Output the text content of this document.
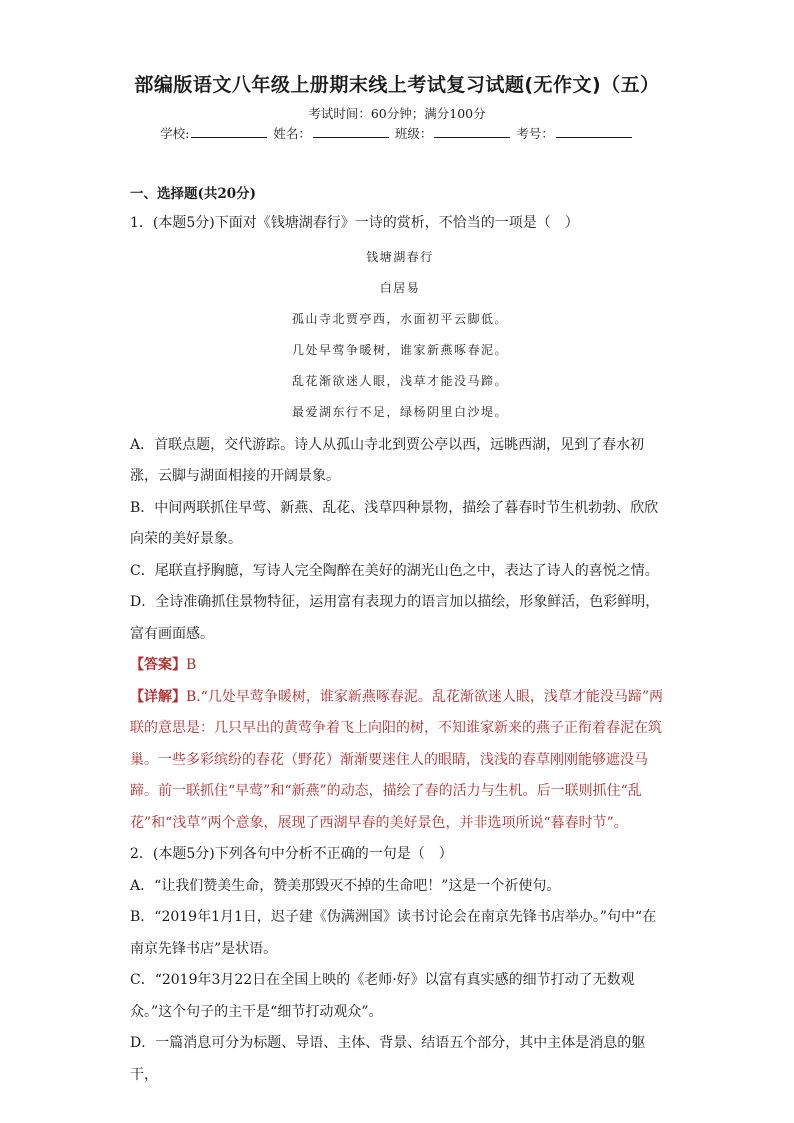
部编版语文八年级上册期末线上考试复习试题(无作文)（五）
考试时间：60分钟；满分100分
学校:	姓名：	班级：	考号：

一、选择题(共20分)

1．(本题5分)下面对《钱塘湖春行》一诗的赏析，不恰当的一项是（　）

钱塘湖春行

白居易

孤山寺北贾亭西，水面初平云脚低。

几处早莺争暖树，谁家新燕啄春泥。

乱花渐欲迷人眼，浅草才能没马蹄。

最爱湖东行不足，绿杨阴里白沙堤。

A．首联点题，交代游踪。诗人从孤山寺北到贾公亭以西，远眺西湖，见到了春水初涨，云脚与湖面相接的开阔景象。

B．中间两联抓住早莺、新燕、乱花、浅草四种景物，描绘了暮春时节生机勃勃、欣欣向荣的美好景象。

C．尾联直抒胸臆，写诗人完全陶醉在美好的湖光山色之中，表达了诗人的喜悦之情。

D．全诗准确抓住景物特征，运用富有表现力的语言加以描绘，形象鲜活，色彩鲜明，富有画面感。

【答案】B

【详解】B.“几处早莺争暖树，谁家新燕啄春泥。乱花渐欲迷人眼，浅草才能没马蹄”两联的意思是：几只早出的黄莺争着飞上向阳的树，不知谁家新来的燕子正衔着春泥在筑巢。一些多彩缤纷的春花（野花）渐渐要迷住人的眼睛，浅浅的春草刚刚能够遮没马蹄。前一联抓住“早莺”和“新燕”的动态，描绘了春的活力与生机。后一联则抓住“乱花”和“浅草”两个意象，展现了西湖早春的美好景色，并非选项所说“暮春时节”。

2．(本题5分)下列各句中分析不正确的一句是（　）

A．“让我们赞美生命，赞美那毁灭不掉的生命吧！”这是一个祈使句。

B．“2019年1月1日，迟子建《伪满洲国》读书讨论会在南京先锋书店举办。”句中“在南京先锋书店”是状语。

C．“2019年3月22日在全国上映的《老师·好》以富有真实感的细节打动了无数观众。”这个句子的主干是“细节打动观众”。

D．一篇消息可分为标题、导语、主体、背景、结语五个部分，其中主体是消息的躯干，
